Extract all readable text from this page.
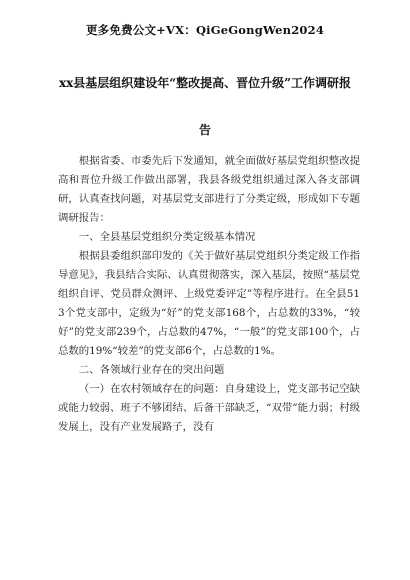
更多免费公文+VX：QiGeGongWen2024
xx县基层组织建设年“整改提高、晋位升级”工作调研报
告

根据省委、市委先后下发通知，就全面做好基层党组织整改提高和晋位升级工作做出部署，我县各级党组织通过深入各支部调研，认真查找问题，对基层党支部进行了分类定级，形成如下专题调研报告：

一、全县基层党组织分类定级基本情况

根据县委组织部印发的《关于做好基层党组织分类定级工作指导意见》，我县结合实际、认真贯彻落实，深入基层，按照“基层党组织自评、党员群众测评、上级党委评定”等程序进行。在全县513个党支部中，定级为“好”的党支部168个，占总数的33%，“较好”的党支部239个，占总数的47%，“一般”的党支部100个，占总数的19%“较差”的党支部6个，占总数的1%。

二、各领域行业存在的突出问题

（一）在农村领域存在的问题：自身建设上，党支部书记空缺或能力较弱、班子不够团结、后备干部缺乏，“双带”能力弱；村级发展上，没有产业发展路子，没有
